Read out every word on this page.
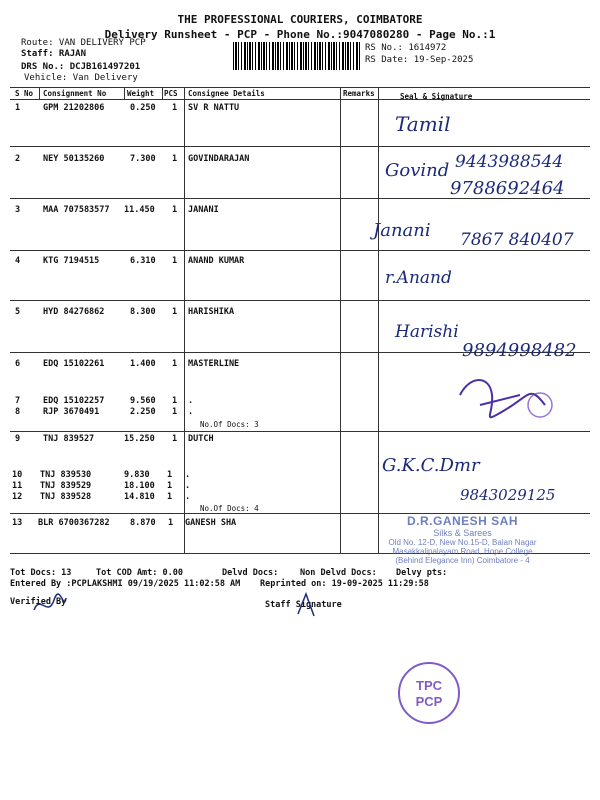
THE PROFESSIONAL COURIERS, COIMBATORE
Delivery Runsheet - PCP - Phone No.:9047080280 - Page No.:1
Route: VAN DELIVERY PCP
Staff: RAJAN
DRS No.: DCJB161497201
Vehicle: Van Delivery
RS No.: 1614972
RS Date: 19-Sep-2025
S No Consignment No	Weight PCS Consignee Details	Remarks	Seal & Signature
1	GPM 21202806	0.250 1 SV R NATTU
2	NEY 50135260	7.300 1 GOVINDARAJAN
3	MAA 707583577 11.450 1 JANANI
4	KTG 7194515	6.310 1 ANAND KUMAR
5	HYD 84276862	8.300 1 HARISHIKA
6	EDQ 15102261	1.400 1 MASTERLINE
7	EDQ 15102257	9.560 1 .
8	RJP 3670491	2.250 1 .
No.Of Docs: 3
9	TNJ 839527	15.250 1 DUTCH
10 TNJ 839530	9.830 1 .
11 TNJ 839529	18.100 1 .
12 TNJ 839528	14.810 1 .
No.Of Docs: 4
13 BLR 6700367282 8.870 1 GANESH SHA
Tamil
Govind 9443988544
9788692464
Janani 7867 840407
r.Anand
Harishi
9894998482
G.K.C.Dmr
9843029125
D.R.GANESH SAH
Silks & Sarees
Old No. 12-D, New No.15-D, Balan Nagar
Masakkalipalayam Road, Hope College
(Behind Elegance Inn) Coimbatore - 4
Tot Docs: 13	Tot COD Amt: 0.00	Delvd Docs:	Non Delvd Docs: Delvy pts:
Entered By :PCPLAKSHMI 09/19/2025 11:02:58 AM Reprinted on: 19-09-2025 11:29:58
Verified By	Staff Signature
TPC
PCP
